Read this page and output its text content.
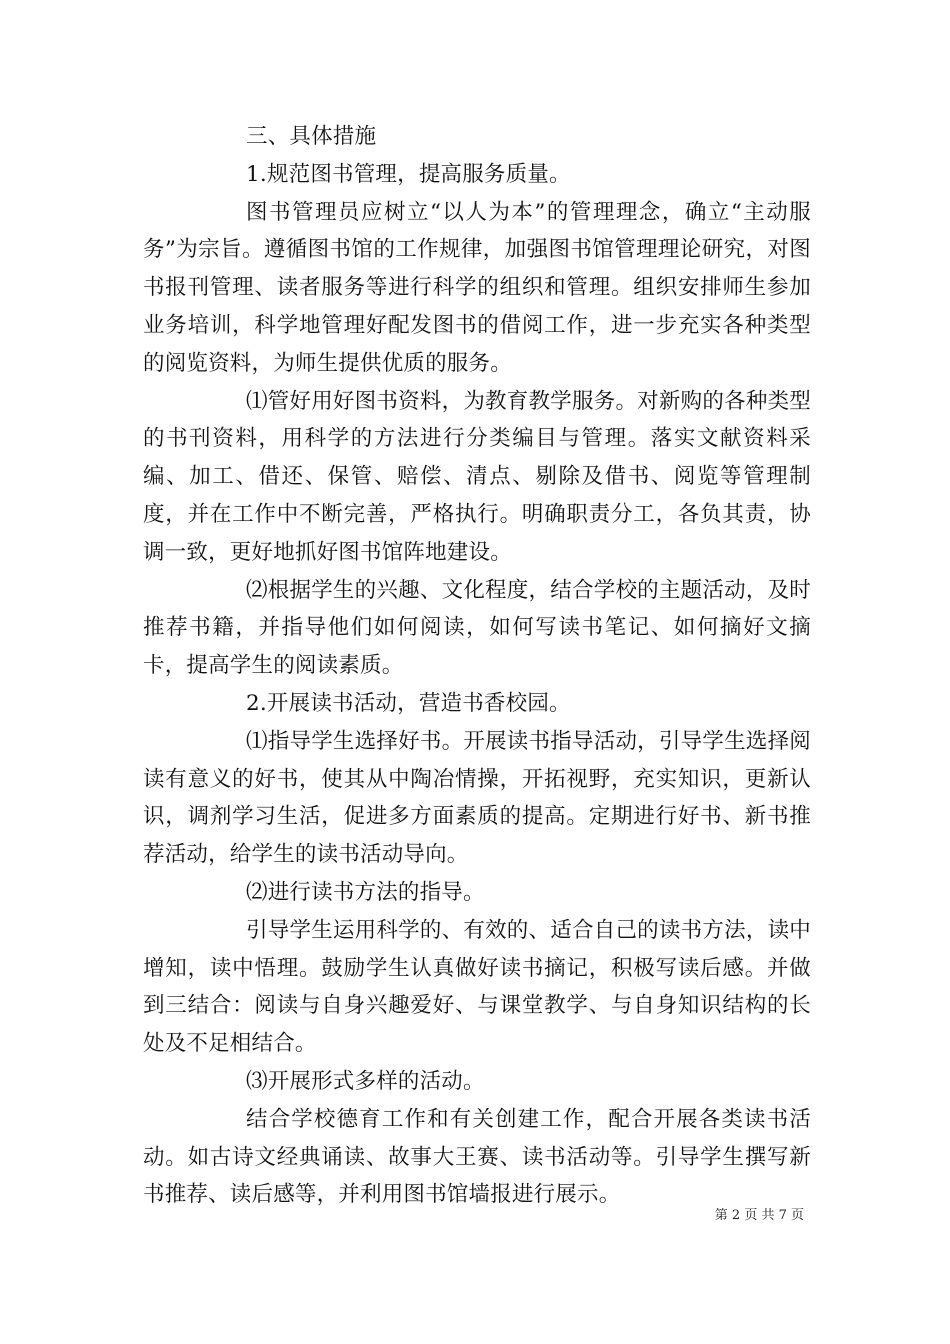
三、具体措施

1.规范图书管理，提高服务质量。

图书管理员应树立“以人为本”的管理理念，确立“主动服务”为宗旨。遵循图书馆的工作规律，加强图书馆管理理论研究，对图书报刊管理、读者服务等进行科学的组织和管理。组织安排师生参加业务培训，科学地管理好配发图书的借阅工作，进一步充实各种类型的阅览资料，为师生提供优质的服务。

⑴管好用好图书资料，为教育教学服务。对新购的各种类型的书刊资料，用科学的方法进行分类编目与管理。落实文献资料采编、加工、借还、保管、赔偿、清点、剔除及借书、阅览等管理制度，并在工作中不断完善，严格执行。明确职责分工，各负其责，协调一致，更好地抓好图书馆阵地建设。

⑵根据学生的兴趣、文化程度，结合学校的主题活动，及时推荐书籍，并指导他们如何阅读，如何写读书笔记、如何摘好文摘卡，提高学生的阅读素质。

2.开展读书活动，营造书香校园。

⑴指导学生选择好书。开展读书指导活动，引导学生选择阅读有意义的好书，使其从中陶冶情操，开拓视野，充实知识，更新认识，调剂学习生活，促进多方面素质的提高。定期进行好书、新书推荐活动，给学生的读书活动导向。

⑵进行读书方法的指导。

引导学生运用科学的、有效的、适合自己的读书方法，读中增知，读中悟理。鼓励学生认真做好读书摘记，积极写读后感。并做到三结合：阅读与自身兴趣爱好、与课堂教学、与自身知识结构的长处及不足相结合。

⑶开展形式多样的活动。

结合学校德育工作和有关创建工作，配合开展各类读书活动。如古诗文经典诵读、故事大王赛、读书活动等。引导学生撰写新书推荐、读后感等，并利用图书馆墙报进行展示。

第 2 页 共 7 页
